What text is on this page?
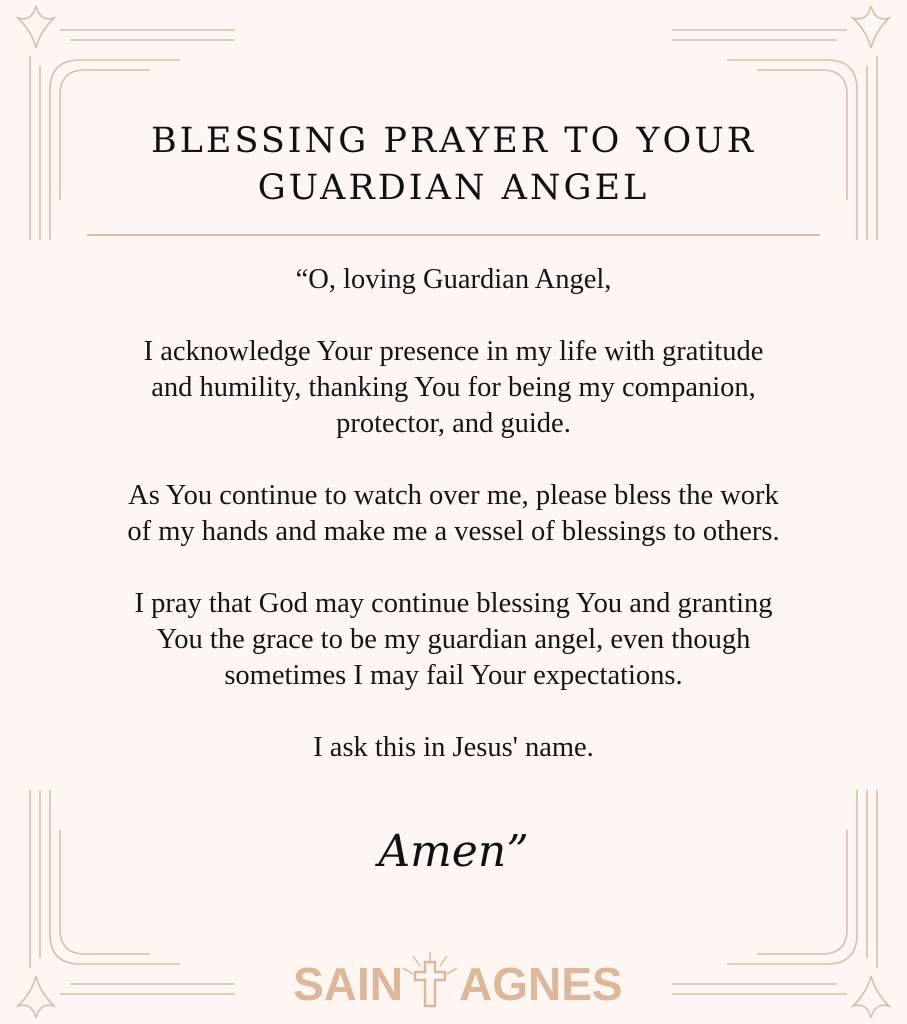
BLESSING PRAYER TO YOUR
GUARDIAN ANGEL

“O, loving Guardian Angel,

I acknowledge Your presence in my life with gratitude

and humility, thanking You for being my companion,

protector, and guide.

As You continue to watch over me, please bless the work

of my hands and make me a vessel of blessings to others.

I pray that God may continue blessing You and granting

You the grace to be my guardian angel, even though

sometimes I may fail Your expectations.

I ask this in Jesus' name.

Amen”
SAIN AGNES
